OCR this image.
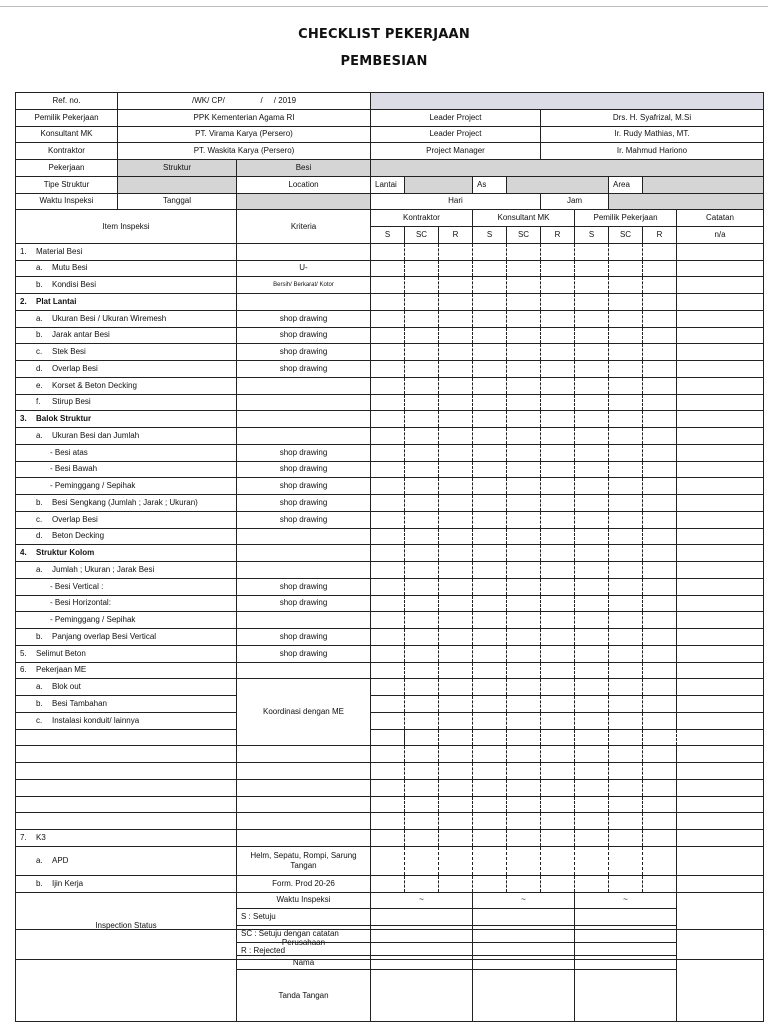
CHECKLIST PEKERJAAN
PEMBESIAN
Ref. no.	/WK/ CP/                /     / 2019												
Pemilik Pekerjaan	PPK Kementerian Agama RI		Leader Project					Drs. H. Syafrizal, M.Si					
Konsultant MK	PT. Virama Karya (Persero)		Leader Project					Ir. Rudy Mathias, MT.					
Kontraktor	PT. Waskita Karya (Persero)		Project Manager					Ir. Mahmud Hariono					
Pekerjaan	Struktur	Besi											
Tipe Struktur		Location	Lantai			As				Area			
Waktu Inspeksi	Tanggal		Hari					Jam					
Item Inspeksi		Kriteria	Kontraktor			Konsultant MK			Pemilik Pekerjaan			Catatan	
			S	SC	R	S	SC	R	S	SC	R	n/a	
1. Material Besi													
a. Mutu Besi		U-											
b. Kondisi Besi		Bersih/ Berkarat/ Kotor											
2. Plat Lantai													
a. Ukuran Besi / Ukuran Wiremesh		shop drawing											
b. Jarak antar Besi		shop drawing											
c. Stek Besi		shop drawing											
d. Overlap Besi		shop drawing											
e. Korset & Beton Decking													
f. Stirup Besi													
3. Balok Struktur													
a. Ukuran Besi dan Jumlah													
- Besi atas		shop drawing											
- Besi Bawah		shop drawing											
- Peminggang / Sepihak		shop drawing											
b. Besi Sengkang (Jumlah ; Jarak ; Ukuran)		shop drawing											
c. Overlap Besi		shop drawing											
d. Beton Decking													
4. Struktur Kolom													
a. Jumlah ; Ukuran ; Jarak Besi													
- Besi Vertical :		shop drawing											
- Besi Horizontal:		shop drawing											
- Peminggang / Sepihak													
b. Panjang overlap Besi Vertical		shop drawing											
5. Selimut Beton		shop drawing											
6. Pekerjaan ME													
a. Blok out		Koordinasi dengan ME											
b. Besi Tambahan													
c. Instalasi konduit/ lainnya													

7. K3													
a. APD		Helm, Sepatu, Rompi, Sarung Tangan											
b. Ijin Kerja		Form. Prod 20-26											
Inspection Status		Waktu Inspeksi	~			~			~				
		S : Setuju											
		SC : Setuju dengan catatan											
		R : Rejected											
	Perusahaan	

	Nama				
	Tanda Tangan				
